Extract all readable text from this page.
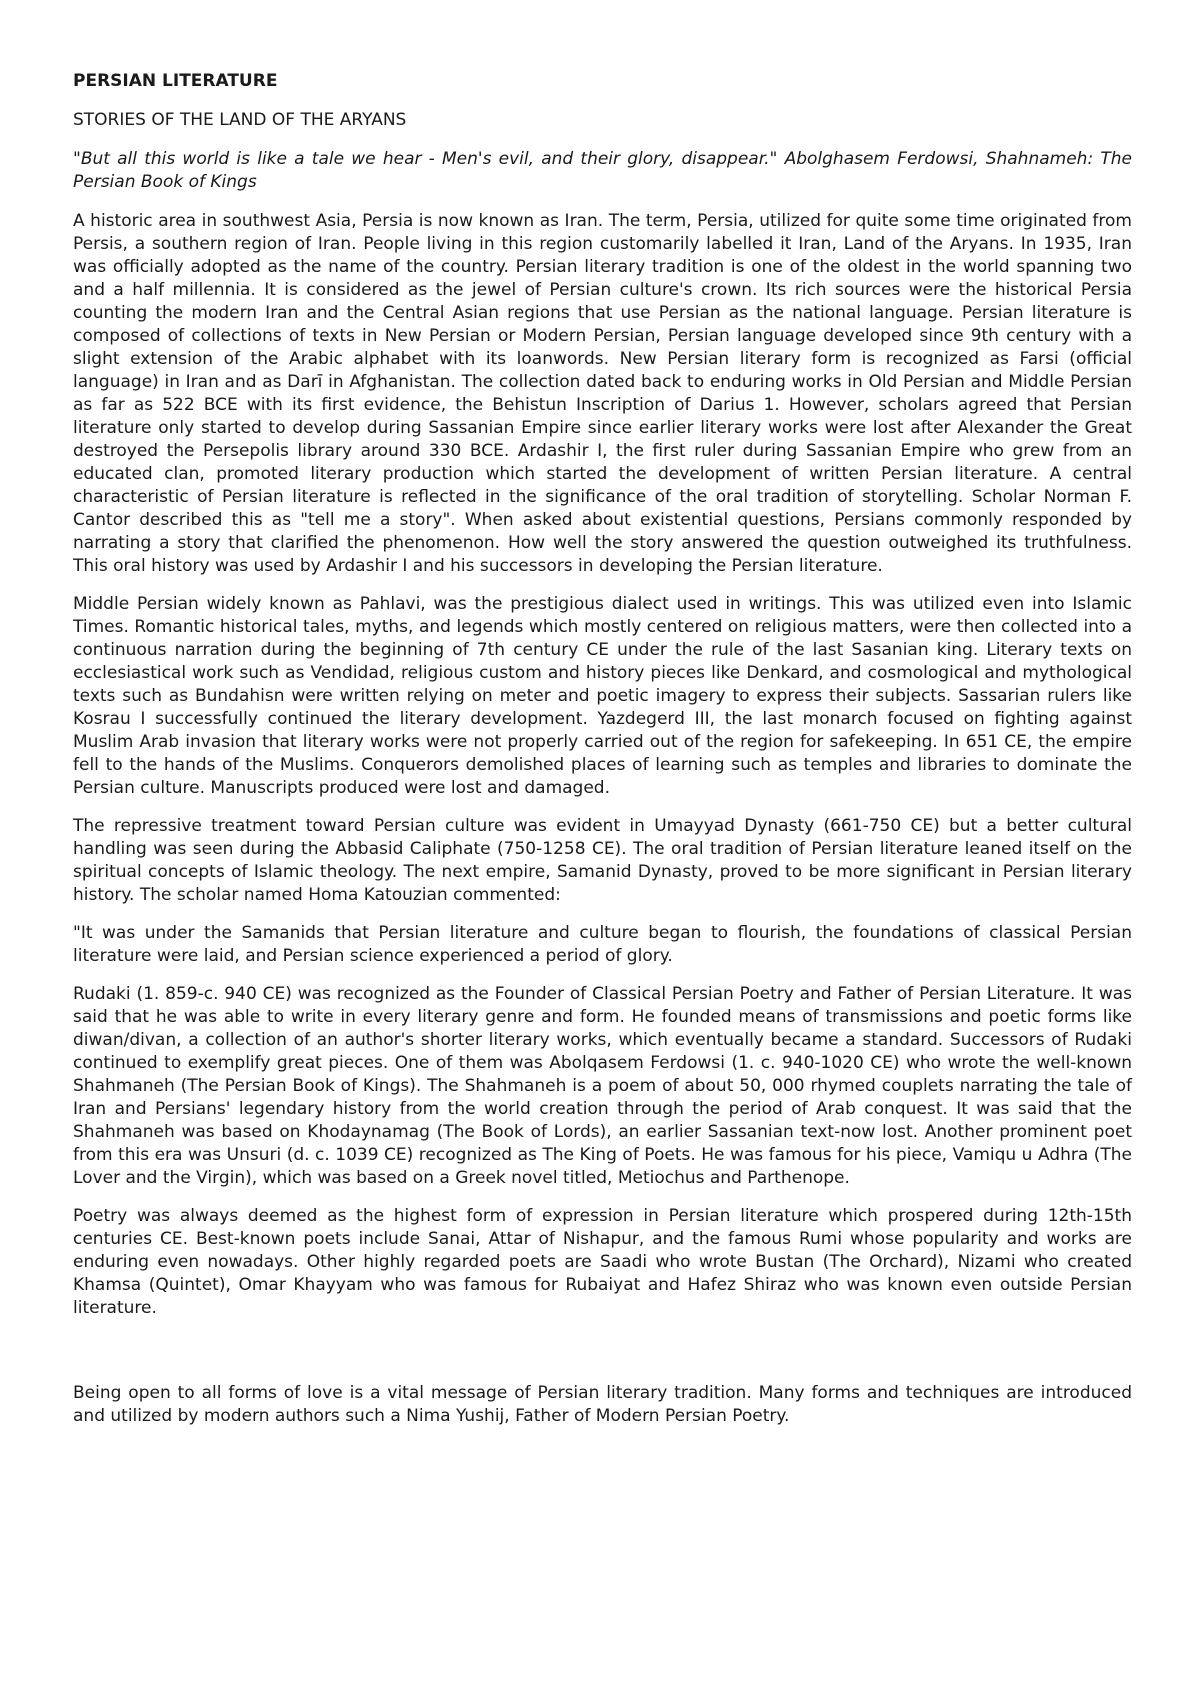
PERSIAN LITERATURE
STORIES OF THE LAND OF THE ARYANS
"But all this world is like a tale we hear - Men's evil, and their glory, disappear." Abolghasem Ferdowsi, Shahnameh: The Persian Book of Kings

A historic area in southwest Asia, Persia is now known as Iran. The term, Persia, utilized for quite some time originated from Persis, a southern region of Iran. People living in this region customarily labelled it Iran, Land of the Aryans. In 1935, Iran was officially adopted as the name of the country. Persian literary tradition is one of the oldest in the world spanning two and a half millennia. It is considered as the jewel of Persian culture's crown. Its rich sources were the historical Persia counting the modern Iran and the Central Asian regions that use Persian as the national language. Persian literature is composed of collections of texts in New Persian or Modern Persian, Persian language developed since 9th century with a slight extension of the Arabic alphabet with its loanwords. New Persian literary form is recognized as Farsi (official language) in Iran and as Darī in Afghanistan. The collection dated back to enduring works in Old Persian and Middle Persian as far as 522 BCE with its first evidence, the Behistun Inscription of Darius 1. However, scholars agreed that Persian literature only started to develop during Sassanian Empire since earlier literary works were lost after Alexander the Great destroyed the Persepolis library around 330 BCE. Ardashir I, the first ruler during Sassanian Empire who grew from an educated clan, promoted literary production which started the development of written Persian literature. A central characteristic of Persian literature is reflected in the significance of the oral tradition of storytelling. Scholar Norman F. Cantor described this as "tell me a story". When asked about existential questions, Persians commonly responded by narrating a story that clarified the phenomenon. How well the story answered the question outweighed its truthfulness. This oral history was used by Ardashir I and his successors in developing the Persian literature.

Middle Persian widely known as Pahlavi, was the prestigious dialect used in writings. This was utilized even into Islamic Times. Romantic historical tales, myths, and legends which mostly centered on religious matters, were then collected into a continuous narration during the beginning of 7th century CE under the rule of the last Sasanian king. Literary texts on ecclesiastical work such as Vendidad, religious custom and history pieces like Denkard, and cosmological and mythological texts such as Bundahisn were written relying on meter and poetic imagery to express their subjects. Sassarian rulers like Kosrau I successfully continued the literary development. Yazdegerd III, the last monarch focused on fighting against Muslim Arab invasion that literary works were not properly carried out of the region for safekeeping. In 651 CE, the empire fell to the hands of the Muslims. Conquerors demolished places of learning such as temples and libraries to dominate the Persian culture. Manuscripts produced were lost and damaged.

The repressive treatment toward Persian culture was evident in Umayyad Dynasty (661-750 CE) but a better cultural handling was seen during the Abbasid Caliphate (750-1258 CE). The oral tradition of Persian literature leaned itself on the spiritual concepts of Islamic theology. The next empire, Samanid Dynasty, proved to be more significant in Persian literary history. The scholar named Homa Katouzian commented:

"It was under the Samanids that Persian literature and culture began to flourish, the foundations of classical Persian literature were laid, and Persian science experienced a period of glory.

Rudaki (1. 859-c. 940 CE) was recognized as the Founder of Classical Persian Poetry and Father of Persian Literature. It was said that he was able to write in every literary genre and form. He founded means of transmissions and poetic forms like diwan/divan, a collection of an author's shorter literary works, which eventually became a standard. Successors of Rudaki continued to exemplify great pieces. One of them was Abolqasem Ferdowsi (1. c. 940-1020 CE) who wrote the well-known Shahmaneh (The Persian Book of Kings). The Shahmaneh is a poem of about 50, 000 rhymed couplets narrating the tale of Iran and Persians' legendary history from the world creation through the period of Arab conquest. It was said that the Shahmaneh was based on Khodaynamag (The Book of Lords), an earlier Sassanian text-now lost. Another prominent poet from this era was Unsuri (d. c. 1039 CE) recognized as The King of Poets. He was famous for his piece, Vamiqu u Adhra (The Lover and the Virgin), which was based on a Greek novel titled, Metiochus and Parthenope.

Poetry was always deemed as the highest form of expression in Persian literature which prospered during 12th-15th centuries CE. Best-known poets include Sanai, Attar of Nishapur, and the famous Rumi whose popularity and works are enduring even nowadays. Other highly regarded poets are Saadi who wrote Bustan (The Orchard), Nizami who created Khamsa (Quintet), Omar Khayyam who was famous for Rubaiyat and Hafez Shiraz who was known even outside Persian literature.

Being open to all forms of love is a vital message of Persian literary tradition. Many forms and techniques are introduced and utilized by modern authors such a Nima Yushij, Father of Modern Persian Poetry.
